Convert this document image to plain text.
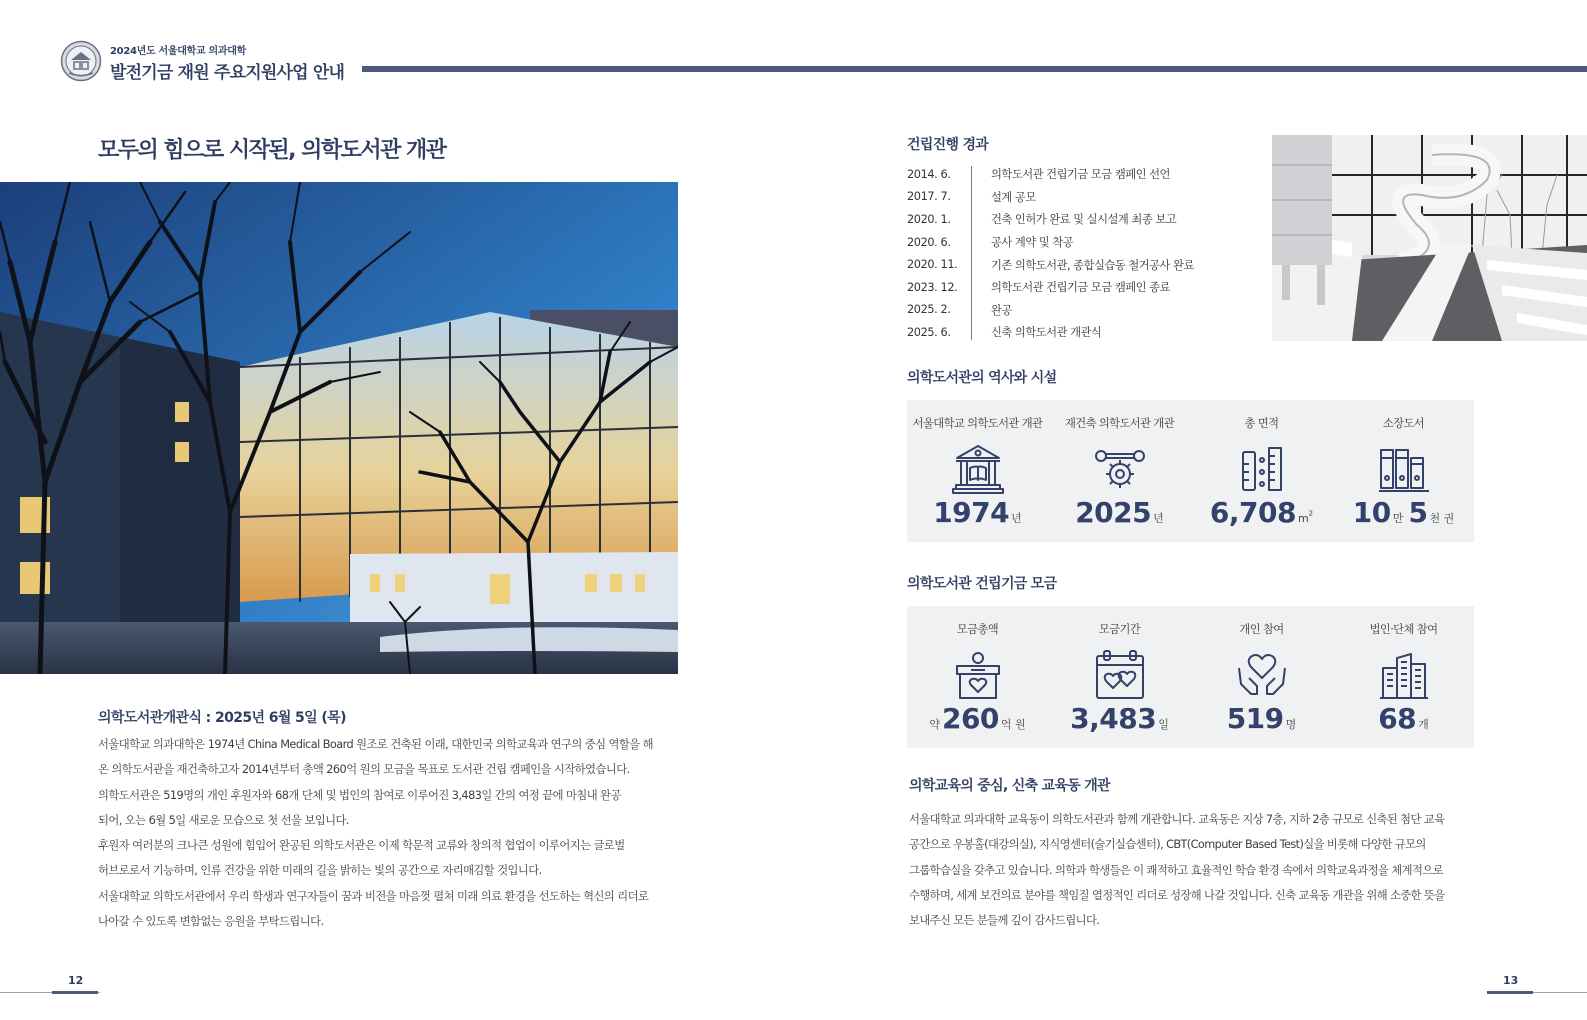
2024년도 서울대학교 의과대학
발전기금 재원 주요지원사업 안내
모두의 힘으로 시작된, 의학도서관 개관
의학도서관개관식 : 2025년 6월 5일 (목)

서울대학교 의과대학은 1974년 China Medical Board 원조로 건축된 이래, 대한민국 의학교육과 연구의 중심 역할을 해

온 의학도서관을 재건축하고자 2014년부터 총액 260억 원의 모금을 목표로 도서관 건립 캠페인을 시작하였습니다.

의학도서관은 519명의 개인 후원자와 68개 단체 및 법인의 참여로 이루어진 3,483일 간의 여정 끝에 마침내 완공

되어, 오는 6월 5일 새로운 모습으로 첫 선을 보입니다.

후원자 여러분의 크나큰 성원에 힘입어 완공된 의학도서관은 이제 학문적 교류와 창의적 협업이 이루어지는 글로벌

허브로로서 기능하며, 인류 건강을 위한 미래의 길을 밝히는 빛의 공간으로 자리매김할 것입니다.

서울대학교 의학도서관에서 우리 학생과 연구자들이 꿈과 비전을 마음껏 펼쳐 미래 의료 환경을 선도하는 혁신의 리더로

나아갈 수 있도록 변함없는 응원을 부탁드립니다.

건립진행 경과
2014. 6.	의학도서관 건립기금 모금 캠페인 선언
2017. 7.	설계 공모
2020. 1.	건축 인허가 완료 및 실시설계 최종 보고
2020. 6.	공사 계약 및 착공
2020. 11.	기존 의학도서관, 종합실습동 철거공사 완료
2023. 12.	의학도서관 건립기금 모금 캠페인 종료
2025. 2.	완공
2025. 6.	신축 의학도서관 개관식
의학도서관의 역사와 시설
서울대학교 의학도서관 개관
1974 년
재건축 의학도서관 개관
2025 년
총 면적
6,708 $m^2$
소장도서
10 만 5 천 권
의학도서관 건립기금 모금
모금총액
약260 억 원
모금기간
3,483 일
개인 참여
519 명
법인·단체 참여
68 개
의학교육의 중심, 신축 교육동 개관

서울대학교 의과대학 교육동이 의학도서관과 함께 개관합니다. 교육동은 지상 7층, 지하 2층 규모로 신축된 첨단 교육

공간으로 우봉홀(대강의실), 지식영센터(술기실습센터), CBT(Computer Based Test)실을 비롯해 다양한 규모의

그룹학습실을 갖추고 있습니다. 의학과 학생들은 이 쾌적하고 효율적인 학습 환경 속에서 의학교육과정을 체계적으로

수행하며, 세계 보건의료 분야를 책임질 열정적인 리더로 성장해 나갈 것입니다. 신축 교육동 개관을 위해 소중한 뜻을

보내주신 모든 분들께 깊이 감사드립니다.

12	13
